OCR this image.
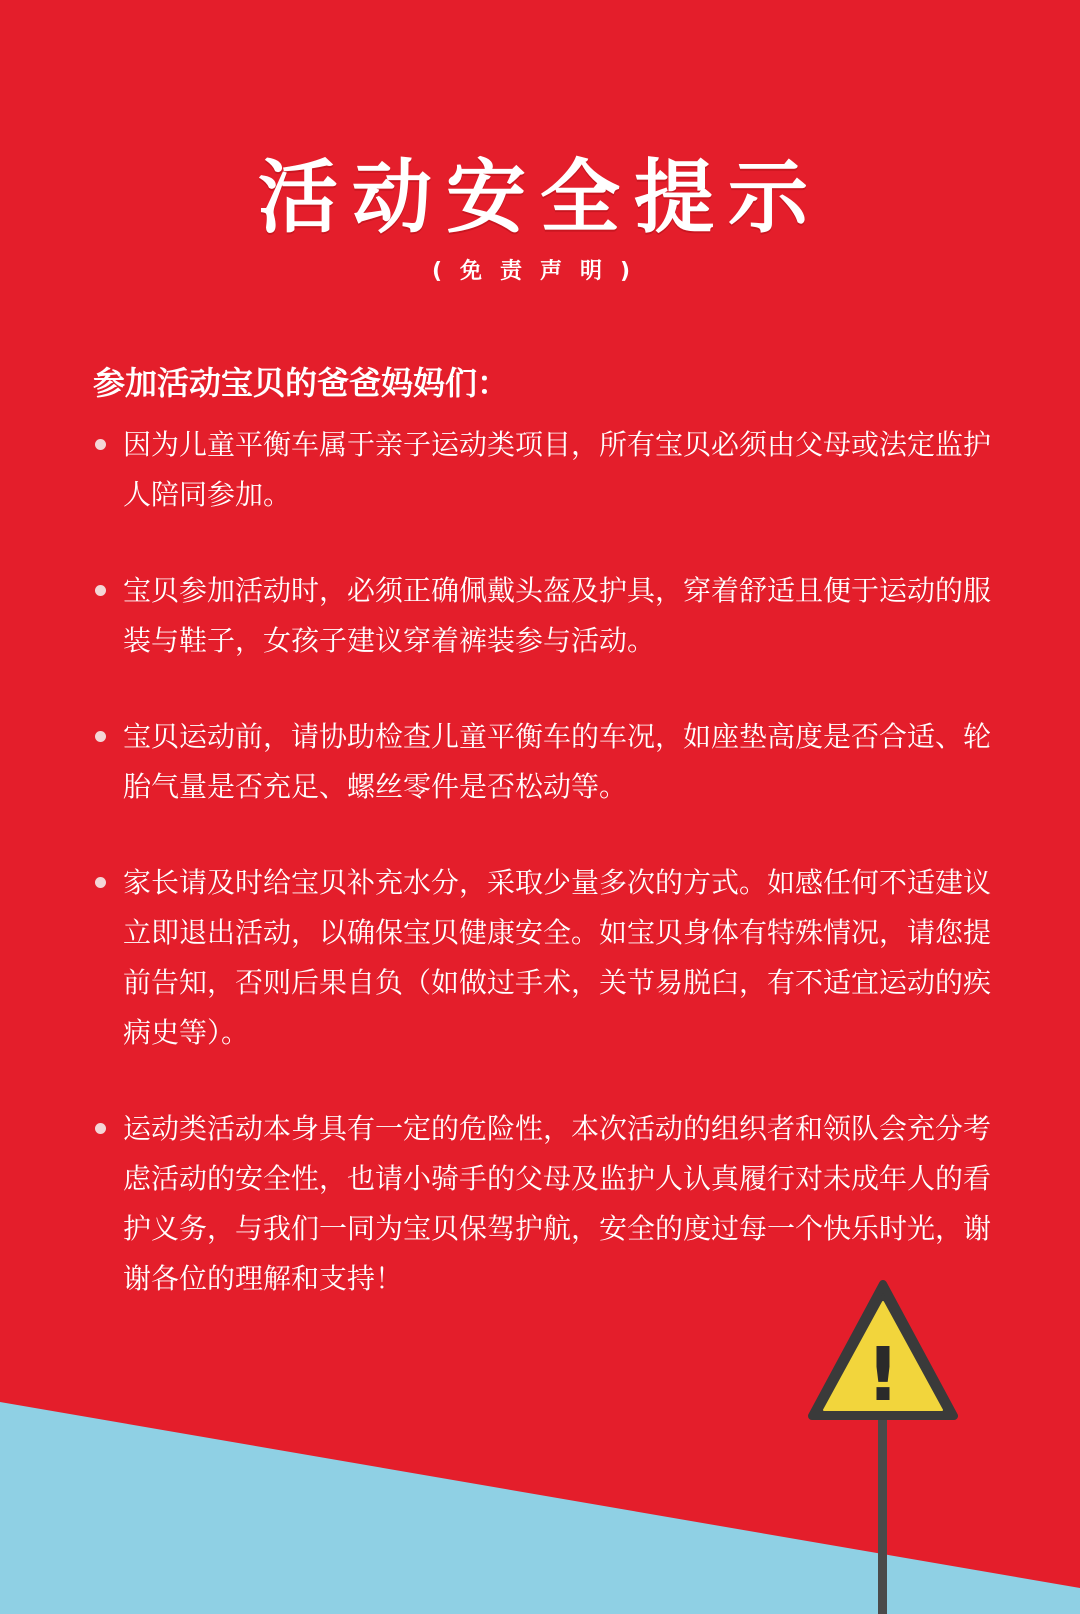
活动安全提示
(免责声明)
参加活动宝贝的爸爸妈妈们：
因为儿童平衡车属于亲子运动类项目，所有宝贝必须由父母或法定监护人陪同参加。
宝贝参加活动时，必须正确佩戴头盔及护具，穿着舒适且便于运动的服装与鞋子，女孩子建议穿着裤装参与活动。
宝贝运动前，请协助检查儿童平衡车的车况，如座垫高度是否合适、轮胎气量是否充足、螺丝零件是否松动等。
家长请及时给宝贝补充水分，采取少量多次的方式。如感任何不适建议立即退出活动，以确保宝贝健康安全。如宝贝身体有特殊情况，请您提前告知，否则后果自负（如做过手术，关节易脱臼，有不适宜运动的疾病史等）。
运动类活动本身具有一定的危险性，本次活动的组织者和领队会充分考虑活动的安全性，也请小骑手的父母及监护人认真履行对未成年人的看护义务，与我们一同为宝贝保驾护航，安全的度过每一个快乐时光，谢谢各位的理解和支持！
!
